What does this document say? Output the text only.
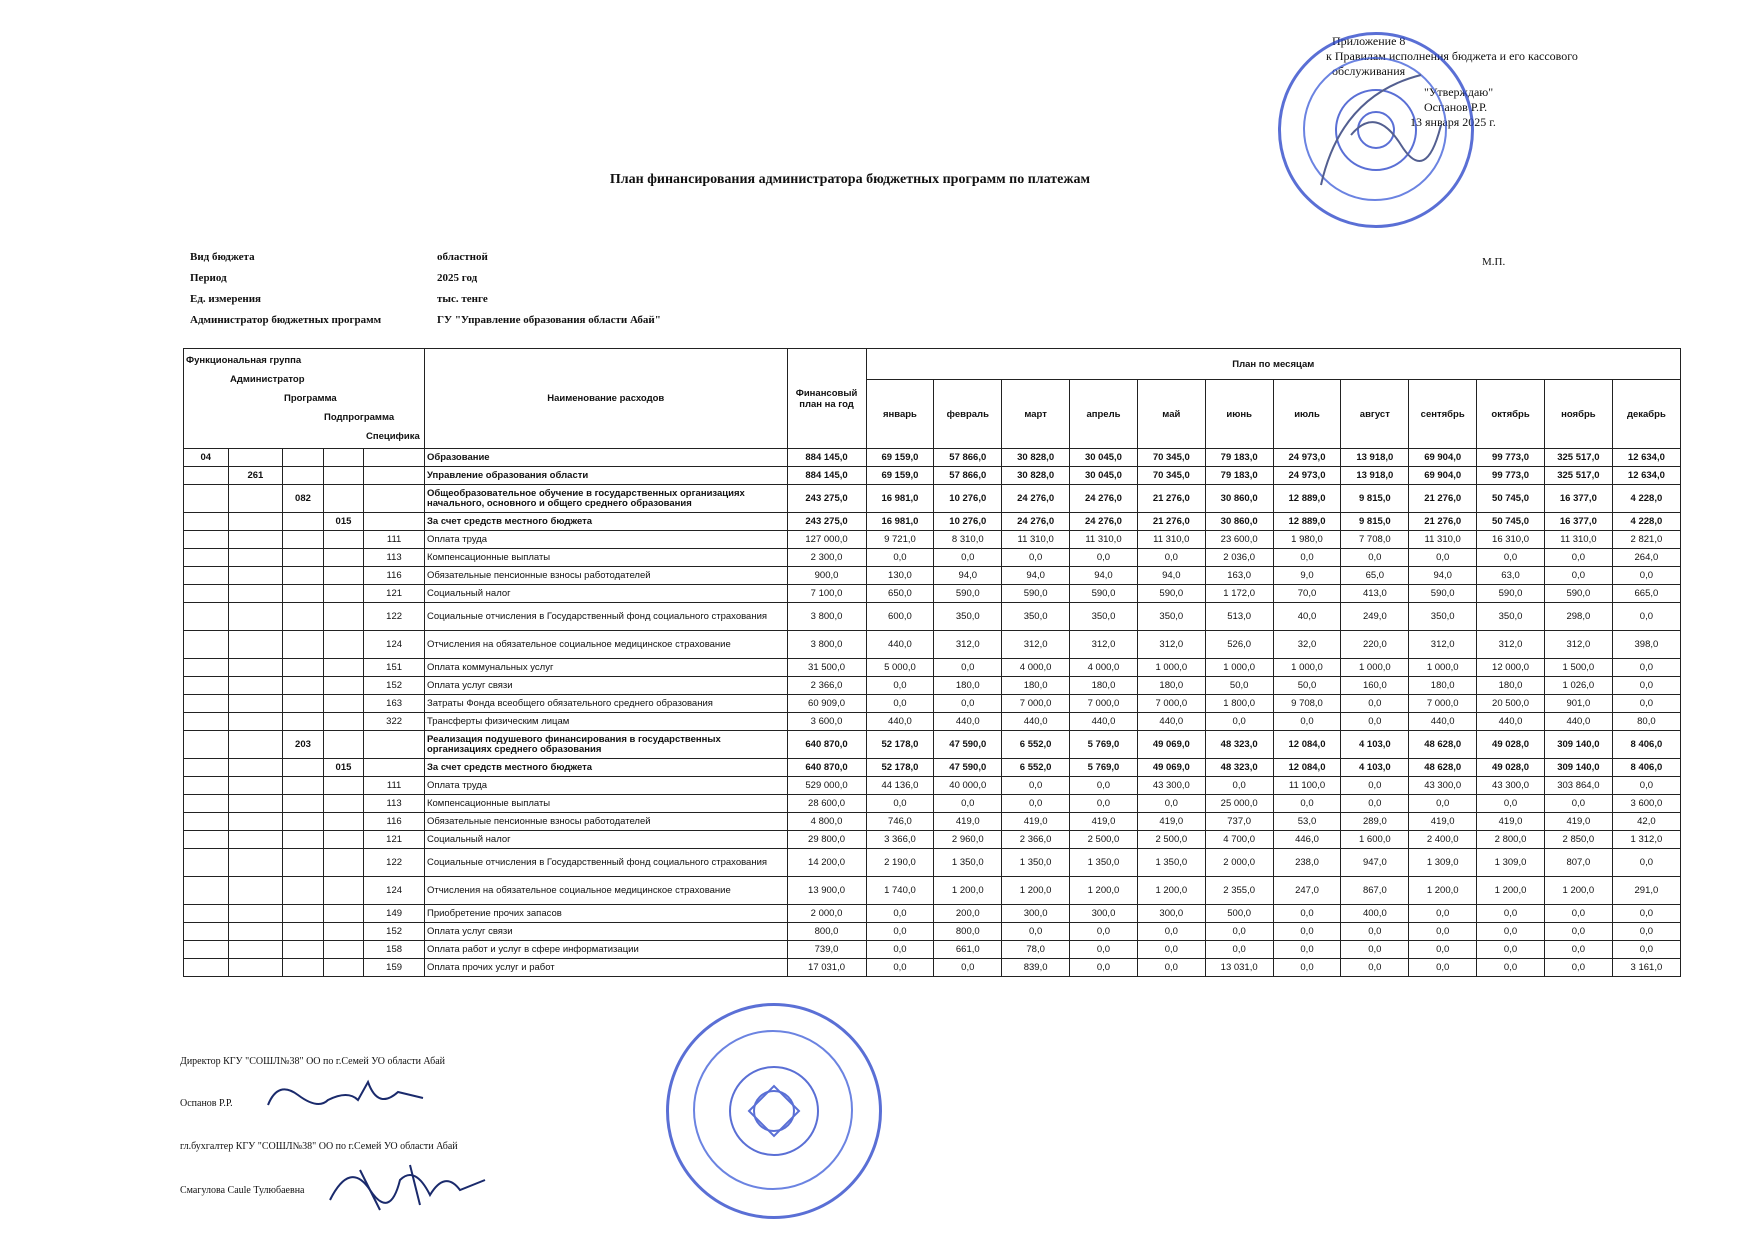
Приложение 8
к Правилам исполнения бюджета и его кассового
обслуживания
"Утверждаю"
Оспанов Р.Р.
13 января 2025 г.
План финансирования администратора бюджетных программ по платежам
Вид бюджета	областной
Период	2025 год
Ед. измерения	тыс. тенге
Администратор бюджетных программ	ГУ "Управление образования области Абай"
М.П.
Функциональная группа
Администратор
Программа
Подпрограмма
Специфика					Наименование расходов	Финансовый план на год	План по месяцам											
							январь	февраль	март	апрель	май	июнь	июль	август	сентябрь	октябрь	ноябрь	декабрь
04					Образование	884 145,0	69 159,0	57 866,0	30 828,0	30 045,0	70 345,0	79 183,0	24 973,0	13 918,0	69 904,0	99 773,0	325 517,0	12 634,0
	261				Управление образования области	884 145,0	69 159,0	57 866,0	30 828,0	30 045,0	70 345,0	79 183,0	24 973,0	13 918,0	69 904,0	99 773,0	325 517,0	12 634,0
		082			Общеобразовательное обучение в государственных организациях начального, основного и общего среднего образования	243 275,0	16 981,0	10 276,0	24 276,0	24 276,0	21 276,0	30 860,0	12 889,0	9 815,0	21 276,0	50 745,0	16 377,0	4 228,0
			015		За счет средств местного бюджета	243 275,0	16 981,0	10 276,0	24 276,0	24 276,0	21 276,0	30 860,0	12 889,0	9 815,0	21 276,0	50 745,0	16 377,0	4 228,0
				111	Оплата труда	127 000,0	9 721,0	8 310,0	11 310,0	11 310,0	11 310,0	23 600,0	1 980,0	7 708,0	11 310,0	16 310,0	11 310,0	2 821,0
				113	Компенсационные выплаты	2 300,0	0,0	0,0	0,0	0,0	0,0	2 036,0	0,0	0,0	0,0	0,0	0,0	264,0
				116	Обязательные пенсионные взносы работодателей	900,0	130,0	94,0	94,0	94,0	94,0	163,0	9,0	65,0	94,0	63,0	0,0	0,0
				121	Социальный налог	7 100,0	650,0	590,0	590,0	590,0	590,0	1 172,0	70,0	413,0	590,0	590,0	590,0	665,0
				122	Социальные отчисления в Государственный фонд социального страхования	3 800,0	600,0	350,0	350,0	350,0	350,0	513,0	40,0	249,0	350,0	350,0	298,0	0,0
				124	Отчисления на обязательное социальное медицинское страхование	3 800,0	440,0	312,0	312,0	312,0	312,0	526,0	32,0	220,0	312,0	312,0	312,0	398,0
				151	Оплата коммунальных услуг	31 500,0	5 000,0	0,0	4 000,0	4 000,0	1 000,0	1 000,0	1 000,0	1 000,0	1 000,0	12 000,0	1 500,0	0,0
				152	Оплата услуг связи	2 366,0	0,0	180,0	180,0	180,0	180,0	50,0	50,0	160,0	180,0	180,0	1 026,0	0,0
				163	Затраты Фонда всеобщего обязательного среднего образования	60 909,0	0,0	0,0	7 000,0	7 000,0	7 000,0	1 800,0	9 708,0	0,0	7 000,0	20 500,0	901,0	0,0
				322	Трансферты физическим лицам	3 600,0	440,0	440,0	440,0	440,0	440,0	0,0	0,0	0,0	440,0	440,0	440,0	80,0
		203			Реализация подушевого финансирования в государственных организациях среднего образования	640 870,0	52 178,0	47 590,0	6 552,0	5 769,0	49 069,0	48 323,0	12 084,0	4 103,0	48 628,0	49 028,0	309 140,0	8 406,0
			015		За счет средств местного бюджета	640 870,0	52 178,0	47 590,0	6 552,0	5 769,0	49 069,0	48 323,0	12 084,0	4 103,0	48 628,0	49 028,0	309 140,0	8 406,0
				111	Оплата труда	529 000,0	44 136,0	40 000,0	0,0	0,0	43 300,0	0,0	11 100,0	0,0	43 300,0	43 300,0	303 864,0	0,0
				113	Компенсационные выплаты	28 600,0	0,0	0,0	0,0	0,0	0,0	25 000,0	0,0	0,0	0,0	0,0	0,0	3 600,0
				116	Обязательные пенсионные взносы работодателей	4 800,0	746,0	419,0	419,0	419,0	419,0	737,0	53,0	289,0	419,0	419,0	419,0	42,0
				121	Социальный налог	29 800,0	3 366,0	2 960,0	2 366,0	2 500,0	2 500,0	4 700,0	446,0	1 600,0	2 400,0	2 800,0	2 850,0	1 312,0
				122	Социальные отчисления в Государственный фонд социального страхования	14 200,0	2 190,0	1 350,0	1 350,0	1 350,0	1 350,0	2 000,0	238,0	947,0	1 309,0	1 309,0	807,0	0,0
				124	Отчисления на обязательное социальное медицинское страхование	13 900,0	1 740,0	1 200,0	1 200,0	1 200,0	1 200,0	2 355,0	247,0	867,0	1 200,0	1 200,0	1 200,0	291,0
				149	Приобретение прочих запасов	2 000,0	0,0	200,0	300,0	300,0	300,0	500,0	0,0	400,0	0,0	0,0	0,0	0,0
				152	Оплата услуг связи	800,0	0,0	800,0	0,0	0,0	0,0	0,0	0,0	0,0	0,0	0,0	0,0	0,0
				158	Оплата работ и услуг в сфере информатизации	739,0	0,0	661,0	78,0	0,0	0,0	0,0	0,0	0,0	0,0	0,0	0,0	0,0
				159	Оплата прочих услуг и работ	17 031,0	0,0	0,0	839,0	0,0	0,0	13 031,0	0,0	0,0	0,0	0,0	0,0	3 161,0
Директор КГУ "СОШЛ№38" ОО по г.Семей УО области Абай
Оспанов Р.Р.
гл.бухгалтер КГУ "СОШЛ№38" ОО по г.Семей УО области Абай
Смагулова Саule Тулюбаевна
